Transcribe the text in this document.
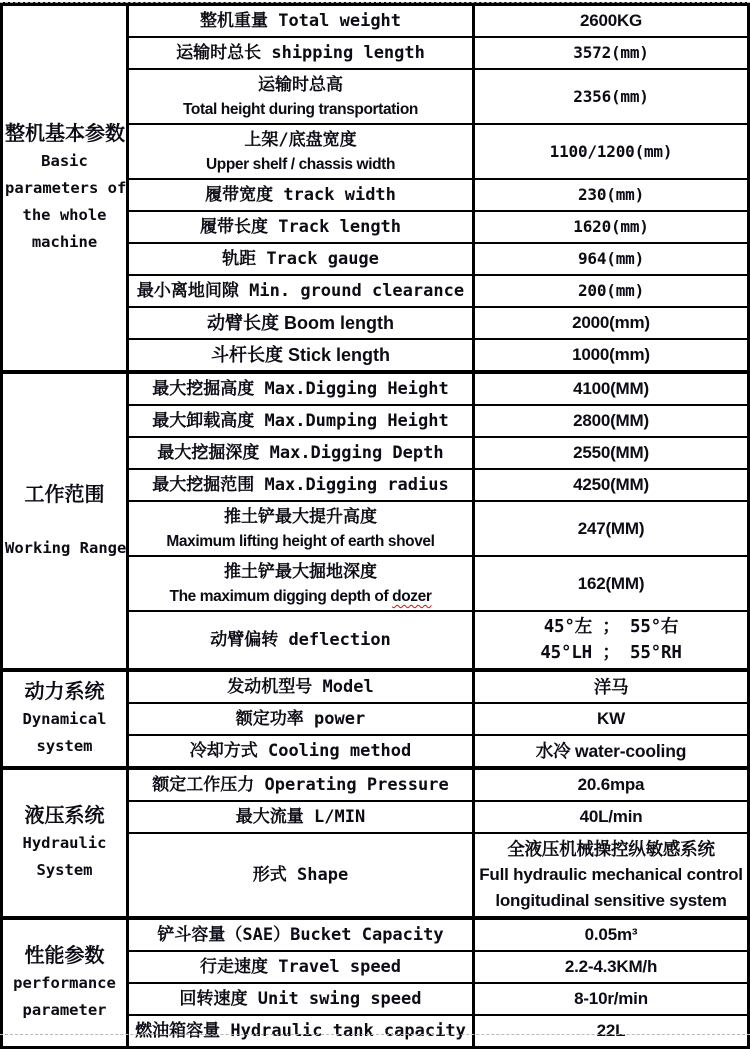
整机基本参数
Basic
parameters of
the whole
machine	整机重量 Total weight	2600KG

	运输时总长 shipping length	3572(mm)

	运输时总高
Total height during transportation	2356(mm)

	上架/底盘宽度
Upper shelf / chassis width	1100/1200(mm)

	履带宽度 track width	230(mm)

	履带长度 Track length	1620(mm)

	轨距 Track gauge	964(mm)

	最小离地间隙 Min. ground clearance	200(mm)

	动臂长度 Boom length	2000(mm)

	斗杆长度 Stick length	1000(mm)

工作范围
Working Range	最大挖掘高度 Max.Digging Height	4100(MM)

	最大卸载高度 Max.Dumping Height	2800(MM)

	最大挖掘深度 Max.Digging Depth	2550(MM)

	最大挖掘范围 Max.Digging radius	4250(MM)

	推土铲最大提升高度
Maximum lifting height of earth shovel	247(MM)

	推土铲最大掘地深度
The maximum digging depth of dozer	162(MM)

	动臂偏转 deflection	45°左 ； 55°右
45°LH ； 55°RH

动力系统
Dynamical
system	发动机型号 Model	洋马

	额定功率 power	KW

	冷却方式 Cooling method	水冷 water-cooling

液压系统
Hydraulic
System	额定工作压力 Operating Pressure	20.6mpa

	最大流量 L/MIN	40L/min

	形式 Shape	全液压机械操控纵敏感系统
Full hydraulic mechanical control
longitudinal sensitive system

性能参数
performance
parameter	铲斗容量（SAE）Bucket Capacity	0.05m³

	行走速度 Travel speed	2.2-4.3KM/h

	回转速度 Unit swing speed	8-10r/min

	燃油箱容量 Hydraulic tank capacity	22L
